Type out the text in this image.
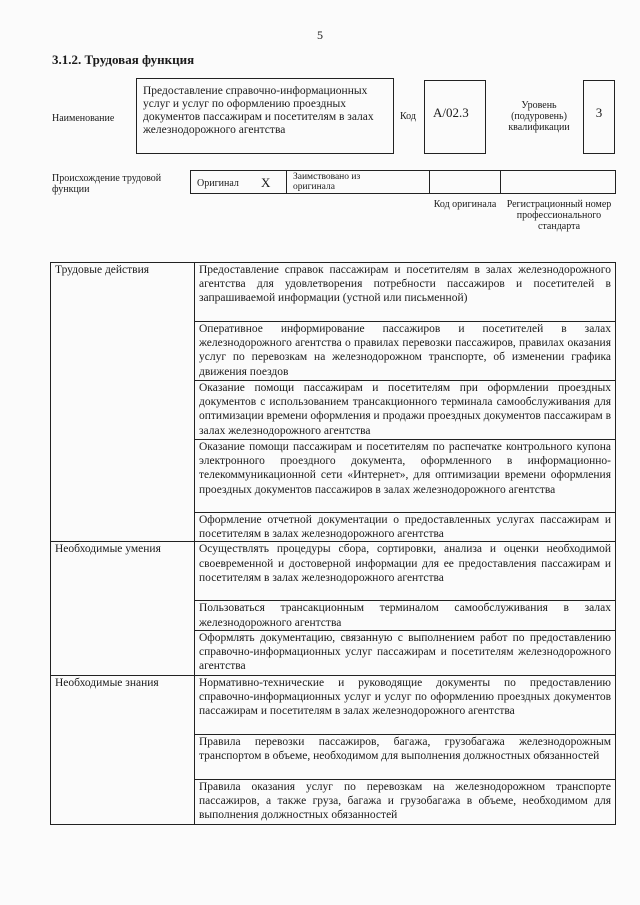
5
3.1.2. Трудовая функция
Наименование
Предоставление справочно-информационных услуг и услуг по оформлению проездных документов пассажирам и посетителям в залах железнодорожного агентства
Код	А/02.3	Уровень (подуровень) квалификации
3
Происхождение трудовой функции
Оригинал X Заимствовано из оригинала
Код оригинала	Регистрационный номер профессионального стандарта
Трудовые действия	Предоставление справок пассажирам и посетителям в залах железнодорожного агентства для удовлетворения потребности пассажиров и посетителей в запрашиваемой информации (устной или письменной)
	Оперативное информирование пассажиров и посетителей в залах железнодорожного агентства о правилах перевозки пассажиров, правилах оказания услуг по перевозкам на железнодорожном транспорте, об изменении графика движения поездов
	Оказание помощи пассажирам и посетителям при оформлении проездных документов с использованием трансакционного терминала самообслуживания для оптимизации времени оформления и продажи проездных документов пассажирам в залах железнодорожного агентства
	Оказание помощи пассажирам и посетителям по распечатке контрольного купона электронного проездного документа, оформленного в информационно-телекоммуникационной сети «Интернет», для оптимизации времени оформления проездных документов пассажиров в залах железнодорожного агентства
	Оформление отчетной документации о предоставленных услугах пассажирам и посетителям в залах железнодорожного агентства
Необходимые умения	Осуществлять процедуры сбора, сортировки, анализа и оценки необходимой своевременной и достоверной информации для ее предоставления пассажирам и посетителям в залах железнодорожного агентства
	Пользоваться трансакционным терминалом самообслуживания в залах железнодорожного агентства
	Оформлять документацию, связанную с выполнением работ по предоставлению справочно-информационных услуг пассажирам и посетителям железнодорожного агентства
Необходимые знания	Нормативно-технические и руководящие документы по предоставлению справочно-информационных услуг и услуг по оформлению проездных документов пассажирам и посетителям в залах железнодорожного агентства
	Правила перевозки пассажиров, багажа, грузобагажа железнодорожным транспортом в объеме, необходимом для выполнения должностных обязанностей
	Правила оказания услуг по перевозкам на железнодорожном транспорте пассажиров, а также груза, багажа и грузобагажа в объеме, необходимом для выполнения должностных обязанностей
